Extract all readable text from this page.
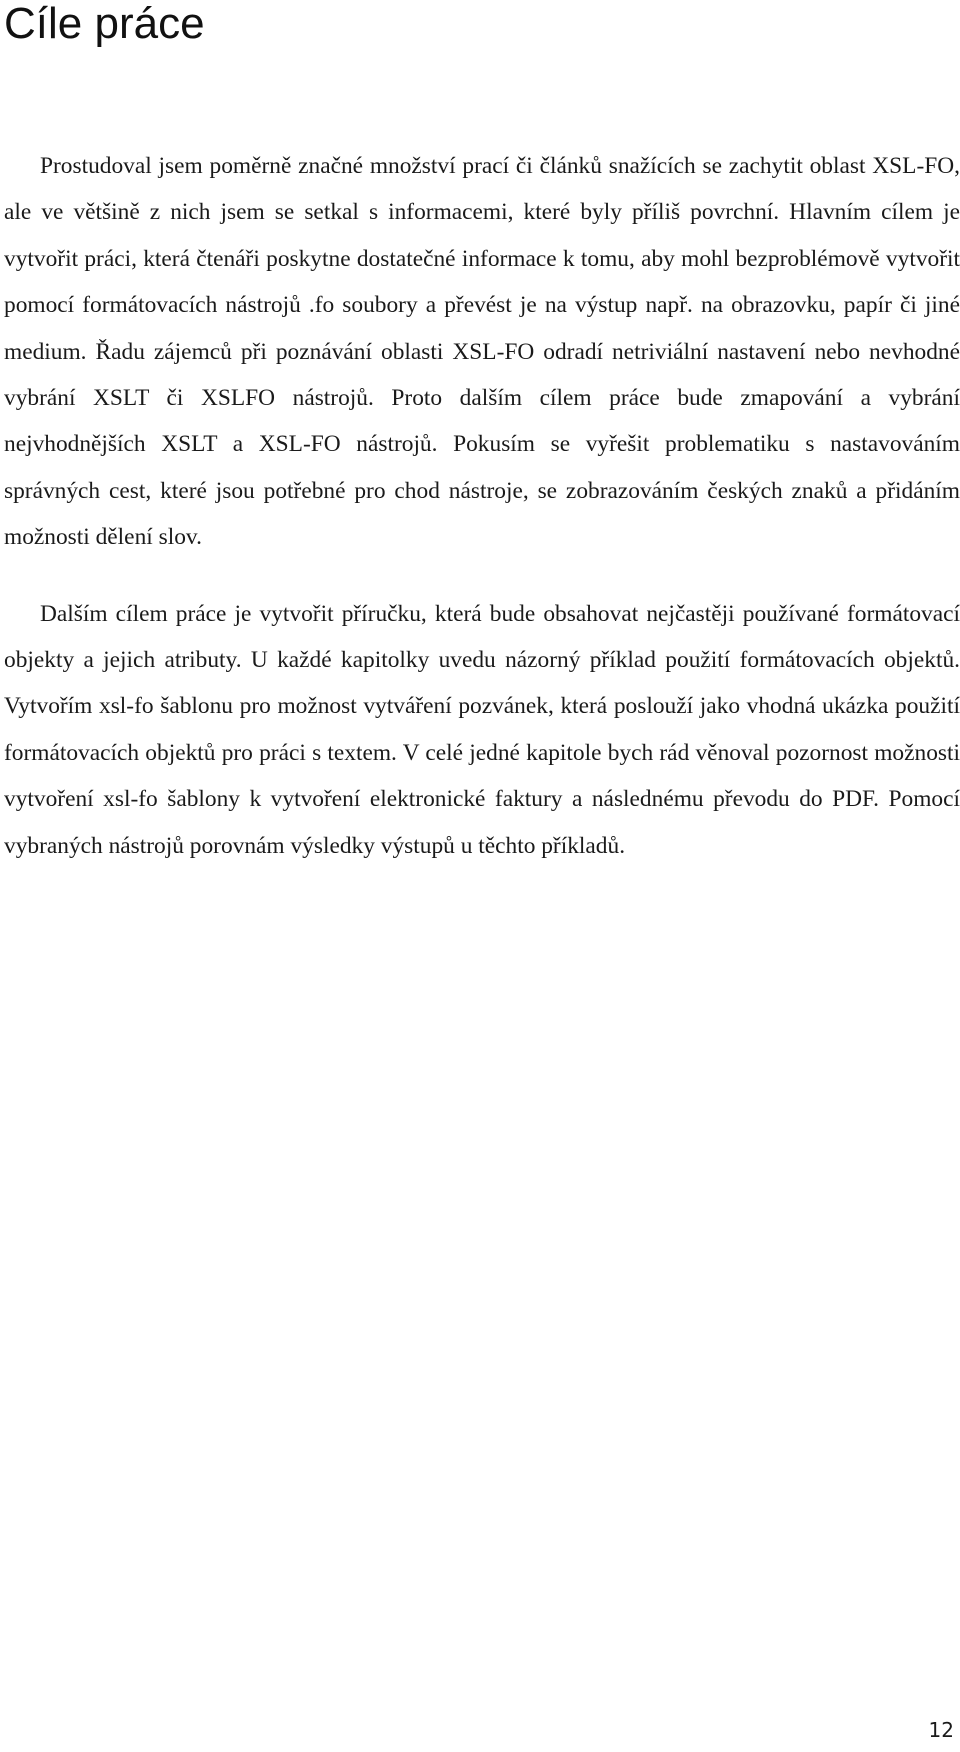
Cíle práce

Prostudoval jsem poměrně značné množství prací či článků snažících se zachytit oblast XSL-FO, ale ve většině z nich jsem se setkal s informacemi, které byly příliš povrchní. Hlavním cílem je vytvořit práci, která čtenáři poskytne dostatečné informace k tomu, aby mohl bezproblémově vytvořit pomocí formátovacích nástrojů .fo soubory a převést je na výstup např. na obrazovku, papír či jiné medium. Řadu zájemců při poznávání oblasti XSL-FO odradí netriviální nastavení nebo nevhodné vybrání XSLT či XSLFO nástrojů. Proto dalším cílem práce bude zmapování a vybrání nejvhodnějších XSLT a XSL-FO nástrojů. Pokusím se vyřešit problematiku s nastavováním správných cest, které jsou potřebné pro chod nástroje, se zobrazováním českých znaků a přidáním možnosti dělení slov.

Dalším cílem práce je vytvořit příručku, která bude obsahovat nejčastěji používané formátovací objekty a jejich atributy. U každé kapitolky uvedu názorný příklad použití formátovacích objektů. Vytvořím xsl-fo šablonu pro možnost vytváření pozvánek, která poslouží jako vhodná ukázka použití formátovacích objektů pro práci s textem. V celé jedné kapitole bych rád věnoval pozornost možnosti vytvoření xsl-fo šablony k vytvoření elektronické faktury a následnému převodu do PDF. Pomocí vybraných nástrojů porovnám výsledky výstupů u těchto příkladů.

12
